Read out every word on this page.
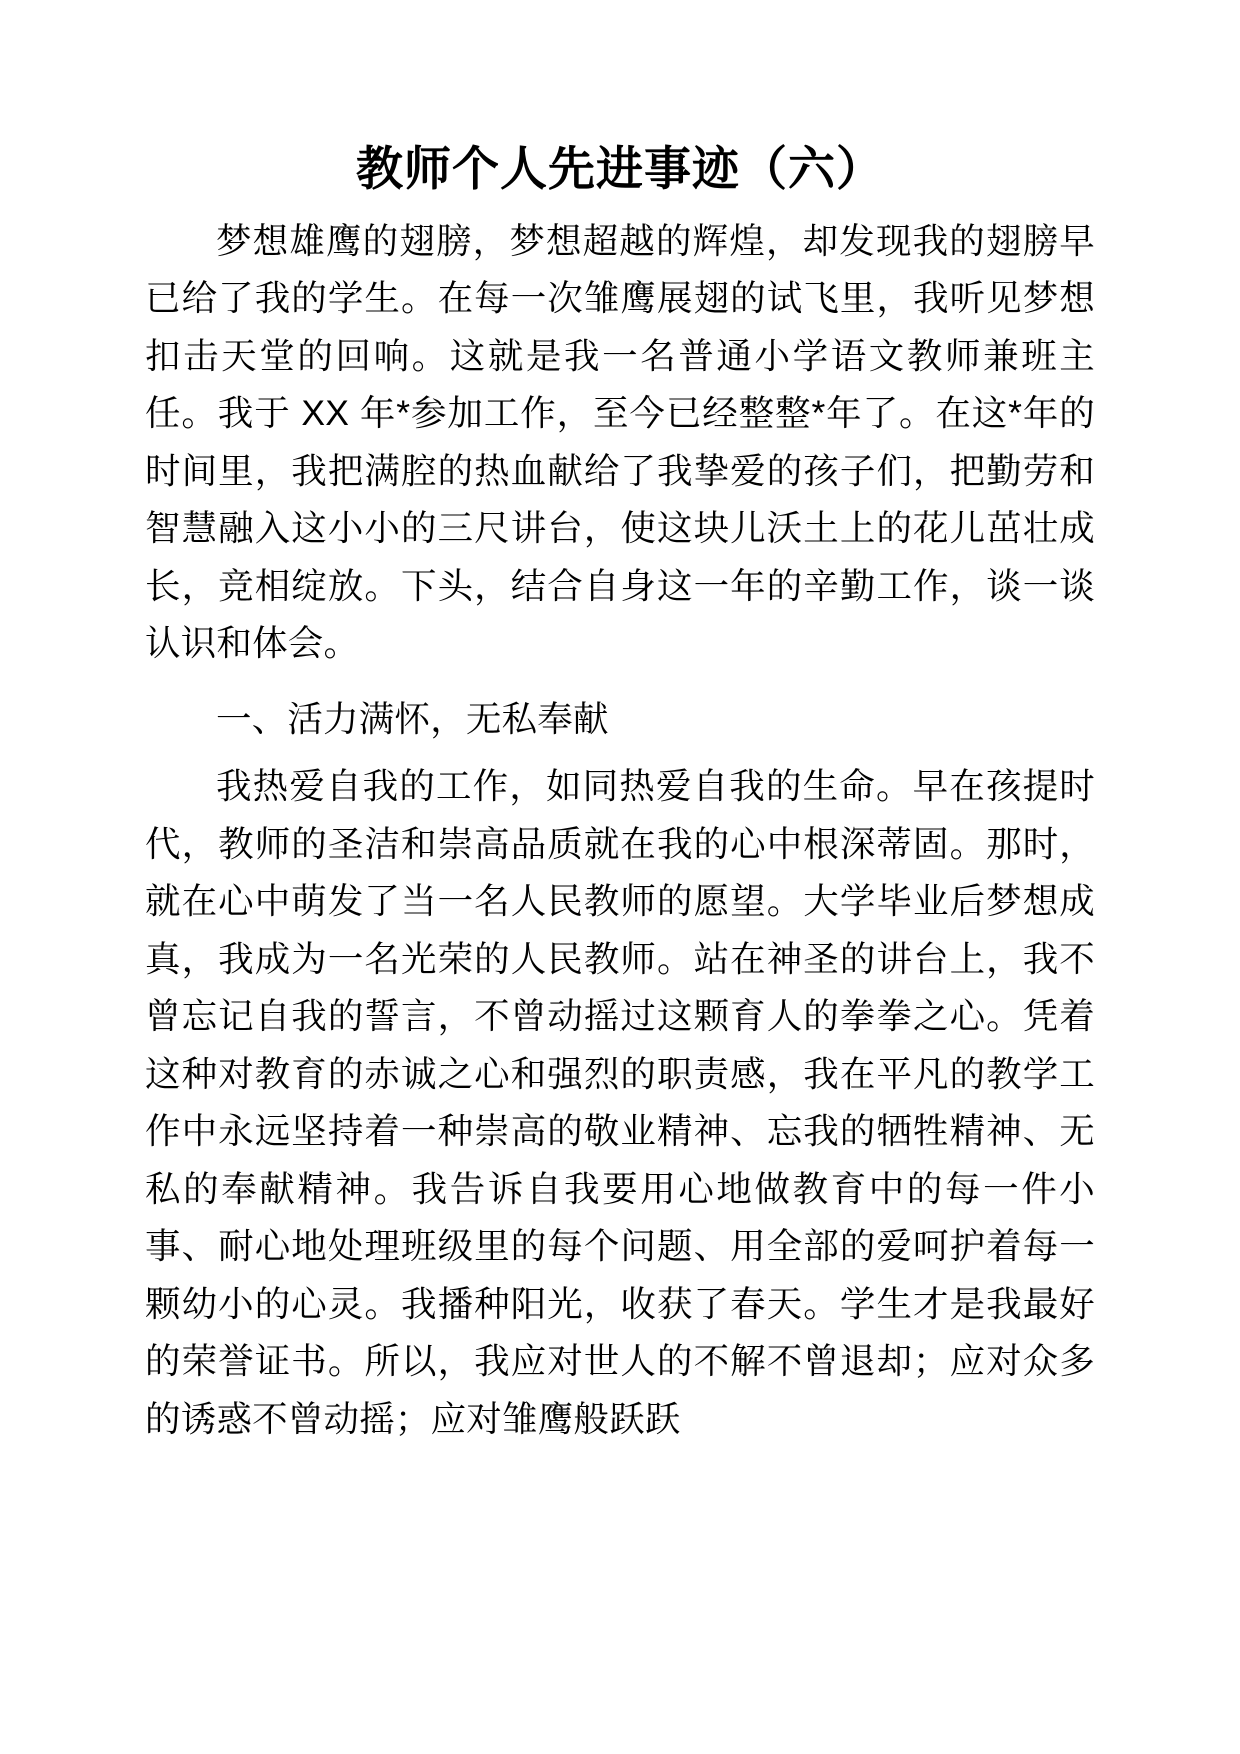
教师个人先进事迹（六）

梦想雄鹰的翅膀，梦想超越的辉煌，却发现我的翅膀早已给了我的学生。在每一次雏鹰展翅的试飞里，我听见梦想扣击天堂的回响。这就是我一名普通小学语文教师兼班主任。我于 XX 年*参加工作，至今已经整整*年了。在这*年的时间里，我把满腔的热血献给了我挚爱的孩子们，把勤劳和智慧融入这小小的三尺讲台，使这块儿沃土上的花儿茁壮成长，竞相绽放。下头，结合自身这一年的辛勤工作，谈一谈认识和体会。

一、活力满怀，无私奉献

我热爱自我的工作，如同热爱自我的生命。早在孩提时代，教师的圣洁和崇高品质就在我的心中根深蒂固。那时，就在心中萌发了当一名人民教师的愿望。大学毕业后梦想成真，我成为一名光荣的人民教师。站在神圣的讲台上，我不曾忘记自我的誓言，不曾动摇过这颗育人的拳拳之心。凭着这种对教育的赤诚之心和强烈的职责感，我在平凡的教学工作中永远坚持着一种崇高的敬业精神、忘我的牺牲精神、无私的奉献精神。我告诉自我要用心地做教育中的每一件小事、耐心地处理班级里的每个问题、用全部的爱呵护着每一颗幼小的心灵。我播种阳光，收获了春天。学生才是我最好的荣誉证书。所以，我应对世人的不解不曾退却；应对众多的诱惑不曾动摇；应对雏鹰般跃跃
